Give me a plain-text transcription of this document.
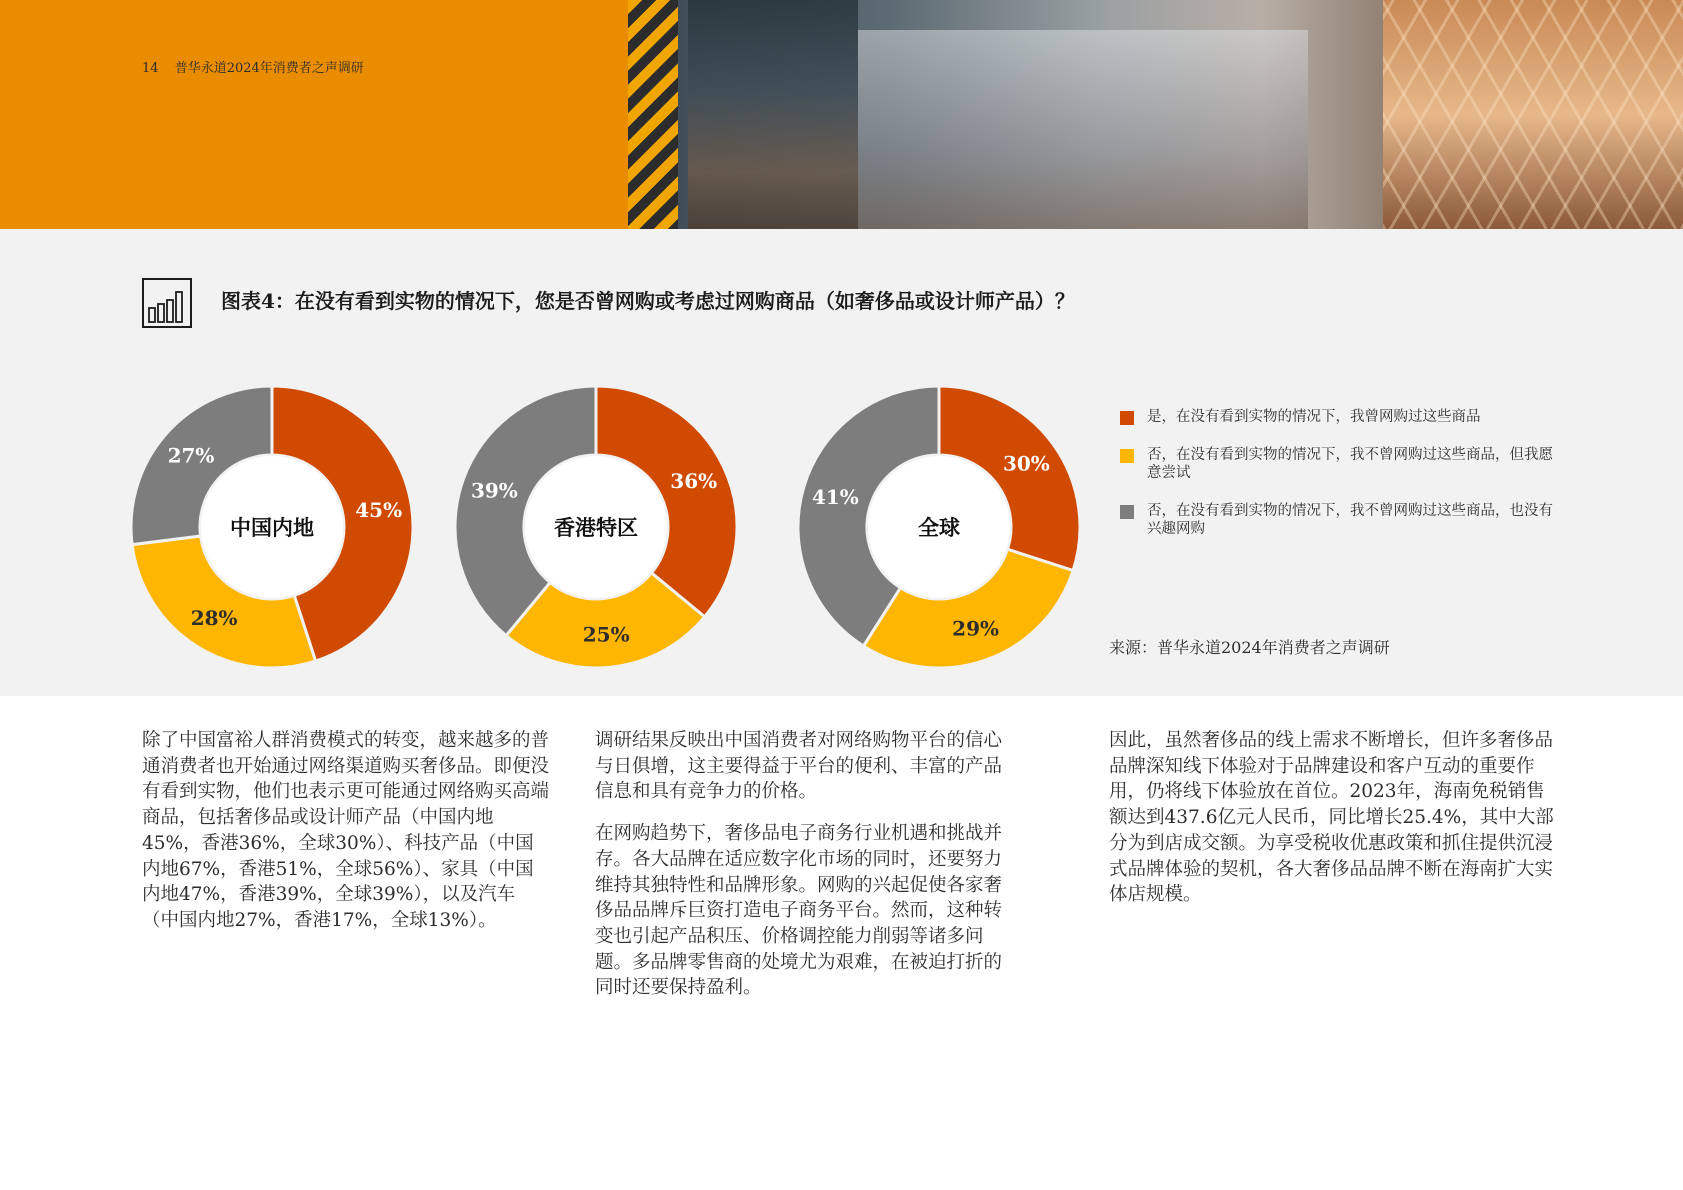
14 普华永道2024年消费者之声调研
图表4：在没有看到实物的情况下，您是否曾网购或考虑过网购商品（如奢侈品或设计师产品）？
45%
28%
27%
中国内地
36%
25%
39%
香港特区
30%
29%
41%
全球
是，在没有看到实物的情况下，我曾网购过这些商品
否，在没有看到实物的情况下，我不曾网购过这些商品，但我愿意尝试
否，在没有看到实物的情况下，我不曾网购过这些商品，也没有兴趣网购
来源：普华永道2024年消费者之声调研

除了中国富裕人群消费模式的转变，越来越多的普通消费者也开始通过网络渠道购买奢侈品。即便没有看到实物，他们也表示更可能通过网络购买高端商品，包括奢侈品或设计师产品（中国内地45%，香港36%，全球30%）、科技产品（中国内地67%，香港51%，全球56%）、家具（中国内地47%，香港39%，全球39%），以及汽车（中国内地27%，香港17%，全球13%）。

调研结果反映出中国消费者对网络购物平台的信心与日俱增，这主要得益于平台的便利、丰富的产品信息和具有竞争力的价格。

在网购趋势下，奢侈品电子商务行业机遇和挑战并存。各大品牌在适应数字化市场的同时，还要努力维持其独特性和品牌形象。网购的兴起促使各家奢侈品品牌斥巨资打造电子商务平台。然而，这种转变也引起产品积压、价格调控能力削弱等诸多问题。多品牌零售商的处境尤为艰难，在被迫打折的同时还要保持盈利。

因此，虽然奢侈品的线上需求不断增长，但许多奢侈品品牌深知线下体验对于品牌建设和客户互动的重要作用，仍将线下体验放在首位。2023年，海南免税销售额达到437.6亿元人民币，同比增长25.4%，其中大部分为到店成交额。为享受税收优惠政策和抓住提供沉浸式品牌体验的契机，各大奢侈品品牌不断在海南扩大实体店规模。
